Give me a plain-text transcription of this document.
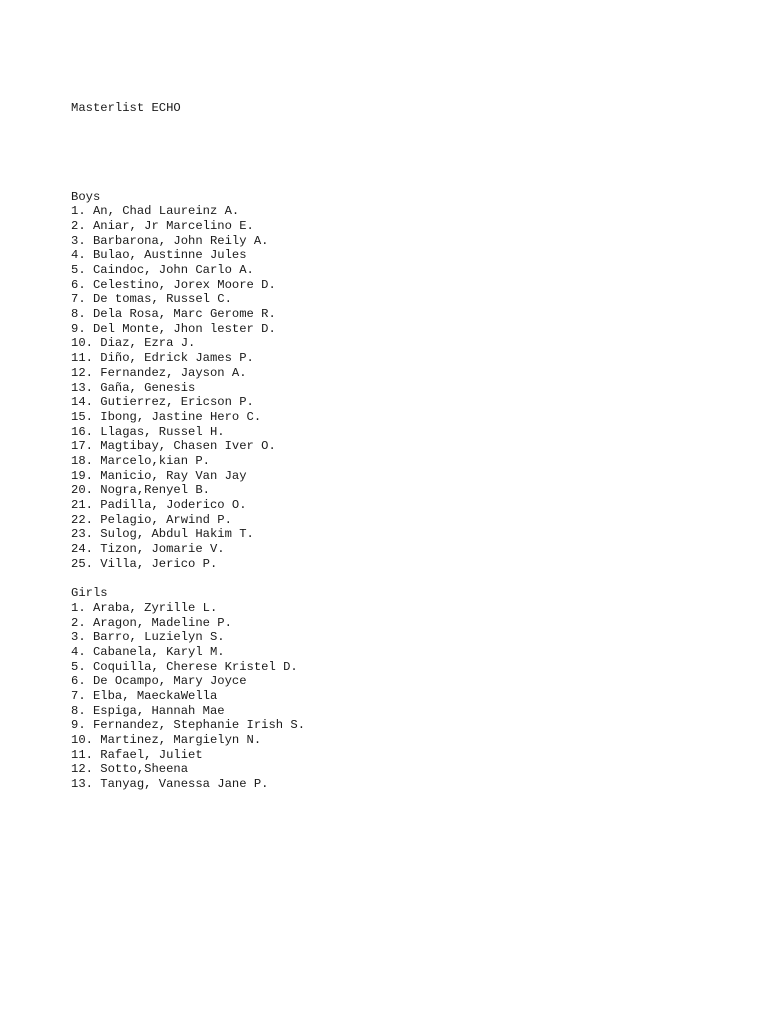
Masterlist ECHO

Boys
1. An, Chad Laureinz A.
2. Aniar, Jr Marcelino E.
3. Barbarona, John Reily A.
4. Bulao, Austinne Jules
5. Caindoc, John Carlo A.
6. Celestino, Jorex Moore D.
7. De tomas, Russel C.
8. Dela Rosa, Marc Gerome R.
9. Del Monte, Jhon lester D.
10. Diaz, Ezra J.
11. Diño, Edrick James P.
12. Fernandez, Jayson A.
13. Gaña, Genesis
14. Gutierrez, Ericson P.
15. Ibong, Jastine Hero C.
16. Llagas, Russel H.
17. Magtibay, Chasen Iver O.
18. Marcelo,kian P.
19. Manicio, Ray Van Jay
20. Nogra,Renyel B.
21. Padilla, Joderico O.
22. Pelagio, Arwind P.
23. Sulog, Abdul Hakim T.
24. Tizon, Jomarie V.
25. Villa, Jerico P.
Girls
1. Araba, Zyrille L.
2. Aragon, Madeline P.
3. Barro, Luzielyn S.
4. Cabanela, Karyl M.
5. Coquilla, Cherese Kristel D.
6. De Ocampo, Mary Joyce
7. Elba, MaeckaWella
8. Espiga, Hannah Mae
9. Fernandez, Stephanie Irish S.
10. Martinez, Margielyn N.
11. Rafael, Juliet
12. Sotto,Sheena
13. Tanyag, Vanessa Jane P.
